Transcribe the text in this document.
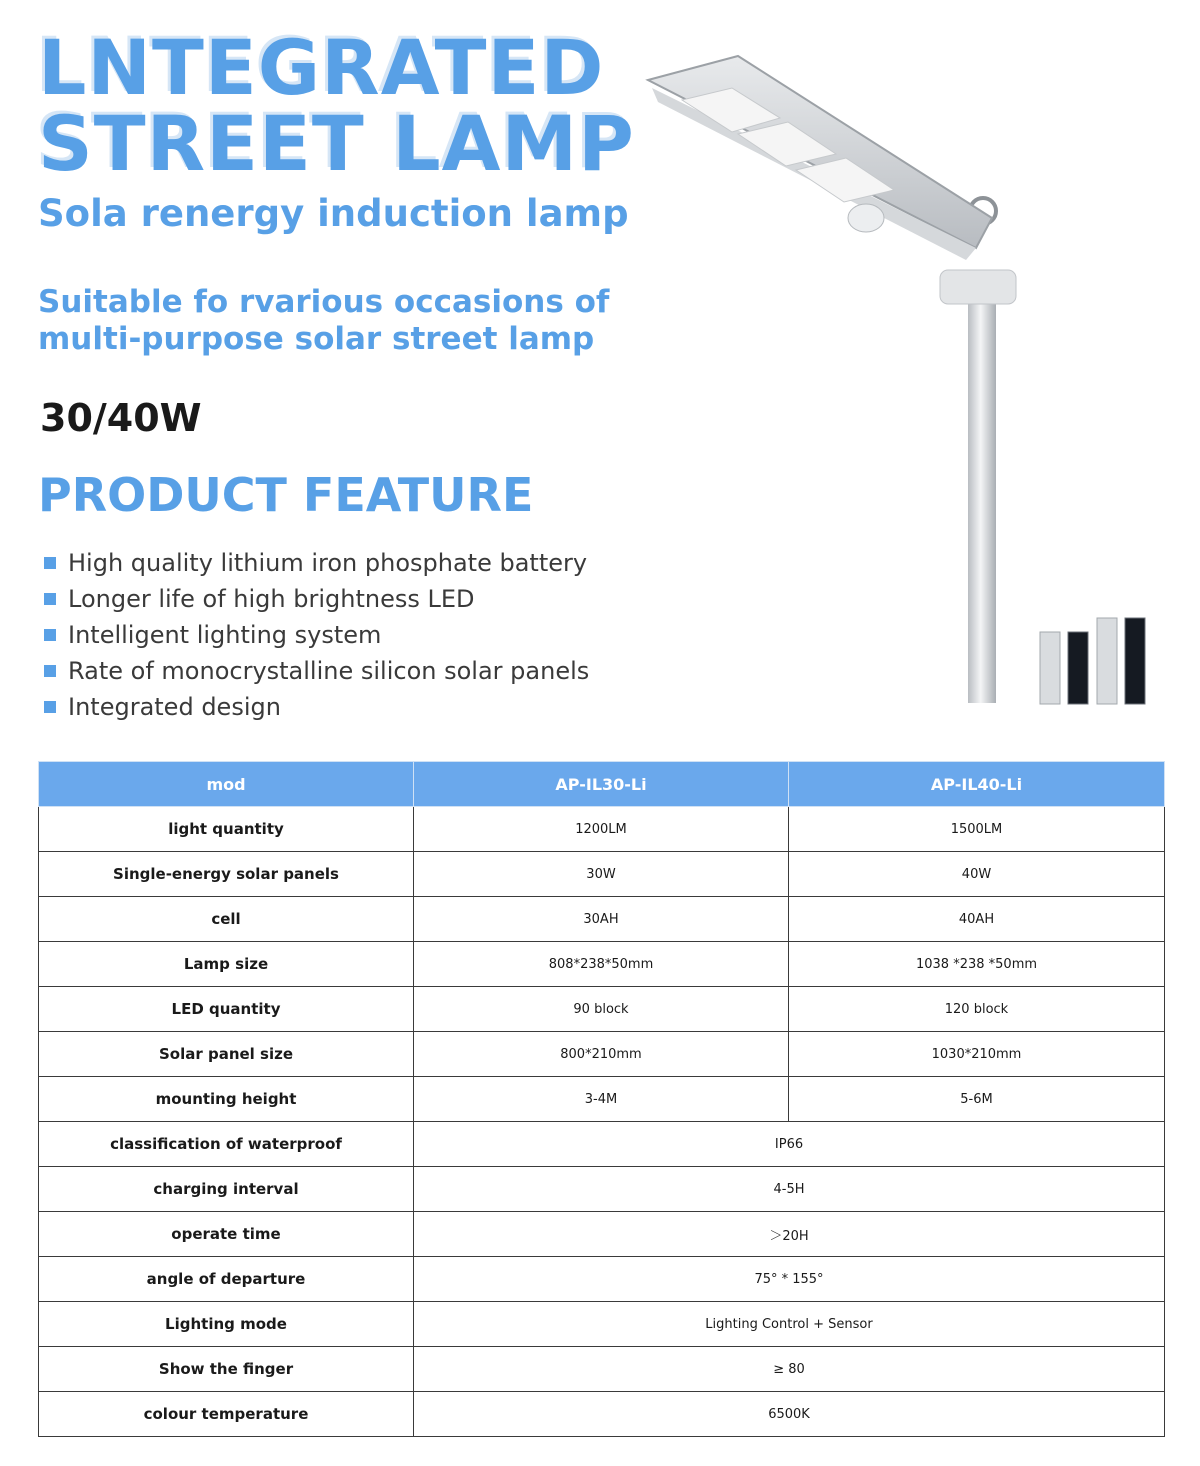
LNTEGRATED
STREET LAMP
Sola renergy induction lamp

Suitable fo rvarious occasions of multi-purpose solar street lamp

30/40W

PRODUCT FEATURE
High quality lithium iron phosphate battery
Longer life of high brightness LED
Intelligent lighting system
Rate of monocrystalline silicon solar panels
Integrated design
mod	AP-IL30-Li	AP-IL40-Li
light quantity	1200LM	1500LM
Single-energy solar panels	30W	40W
cell	30AH	40AH
Lamp size	808*238*50mm	1038 *238 *50mm
LED quantity	90 block	120 block
Solar panel size	800*210mm	1030*210mm
mounting height	3-4M	5-6M
classification of waterproof	IP66	
charging interval	4-5H	
operate time	＞20H	
angle of departure	75° * 155°	
Lighting mode	Lighting Control + Sensor	
Show the finger	≥ 80	
colour temperature	6500K	
